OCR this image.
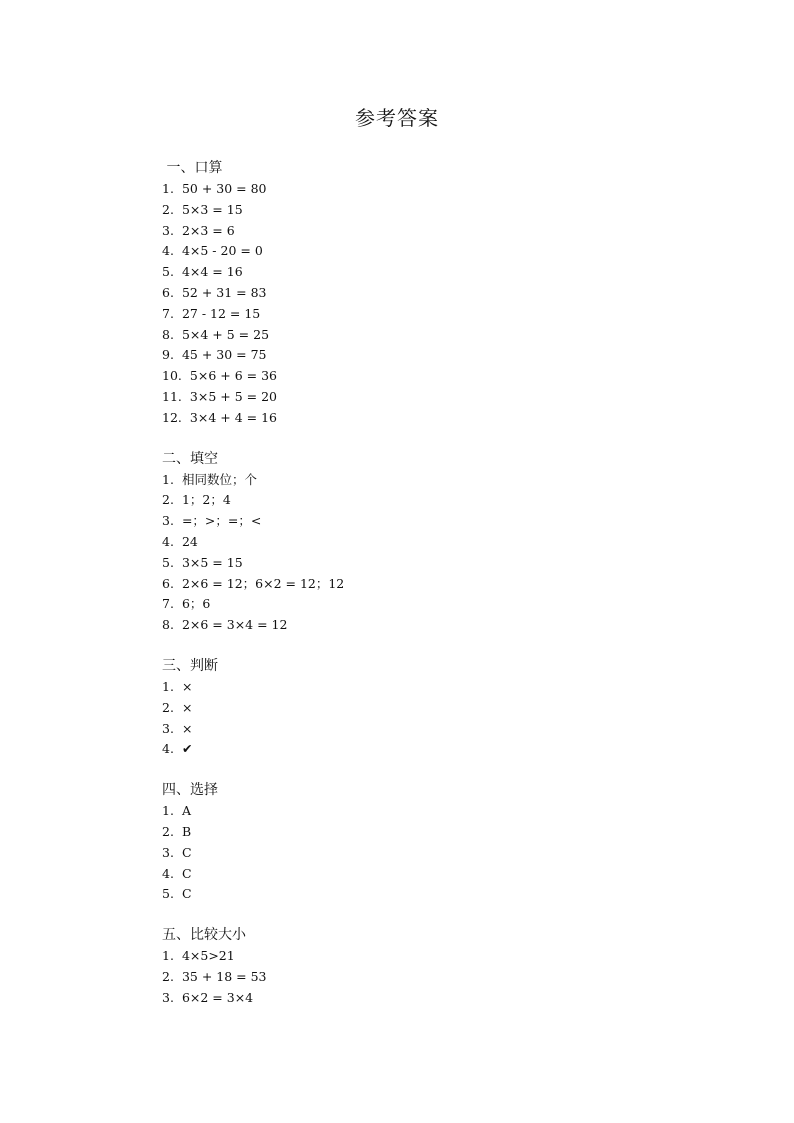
参考答案
一、口算
1. 50 + 30 = 80
2. 5×3 = 15
3. 2×3 = 6
4. 4×5 - 20 = 0
5. 4×4 = 16
6. 52 + 31 = 83
7. 27 - 12 = 15
8. 5×4 + 5 = 25
9. 45 + 30 = 75
10. 5×6 + 6 = 36
11. 3×5 + 5 = 20
12. 3×4 + 4 = 16
二、填空
1. 相同数位；个
2. 1；2；4
3. =；>；=；<
4. 24
5. 3×5 = 15
6. 2×6 = 12；6×2 = 12；12
7. 6；6
8. 2×6 = 3×4 = 12
三、判断
1. ×
2. ×
3. ×
4. ✔
四、选择
1. A
2. B
3. C
4. C
5. C
五、比较大小
1. 4×5>21
2. 35 + 18 = 53
3. 6×2 = 3×4
